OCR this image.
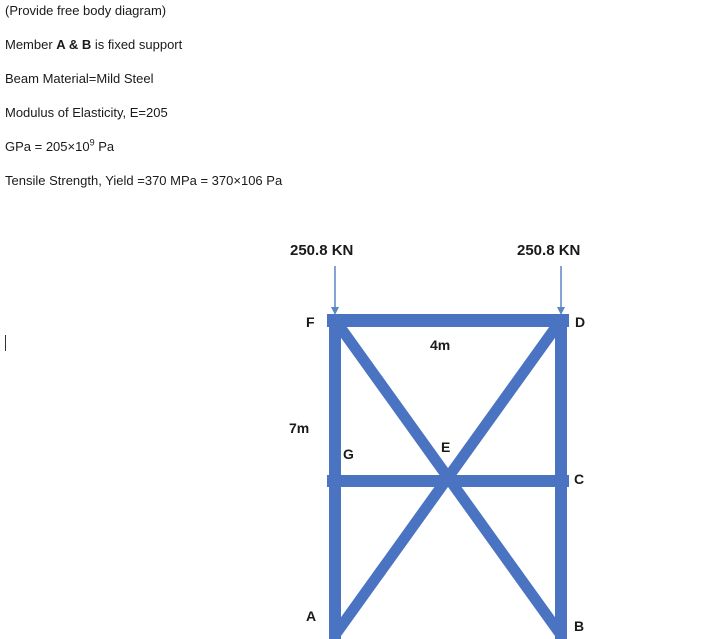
(Provide free body diagram)
Member A & B is fixed support
Beam Material=Mild Steel
Modulus of Elasticity, E=205
GPa = $205\times 10^9$ Pa
Tensile Strength, Yield =370 MPa = 370×106 Pa
250.8 KN	250.8 KN
F	D
G	E
C
A
B
4m
7m
